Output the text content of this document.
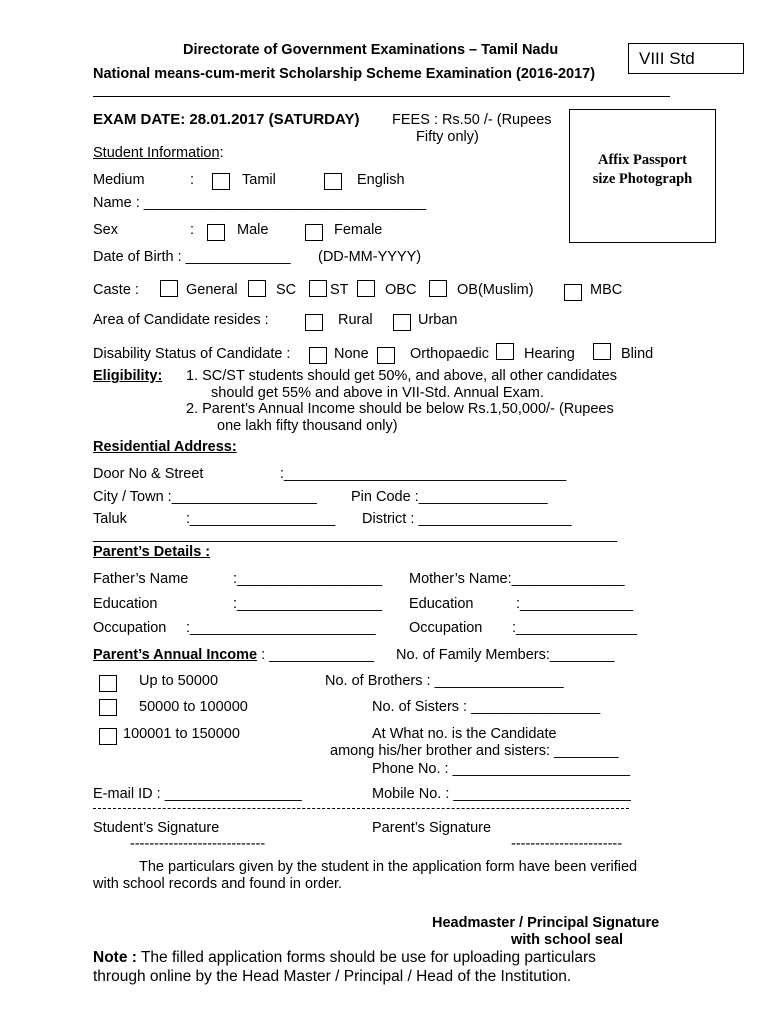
Directorate of Government Examinations – Tamil Nadu
National means-cum-merit Scholarship Scheme Examination (2016-2017)
VIII Std
EXAM DATE: 28.01.2017 (SATURDAY) FEES : Rs.50 /- (Rupees
Fifty only)
Affix Passport
size Photograph
Student Information:
Medium	:	Tamil	English
Name : ___________________________________
Sex	:	Male	Female
Date of Birth : _____________ (DD-MM-YYYY)
Caste :	General	SC ST	OBC	OB(Muslim)	MBC
Area of Candidate resides :	Rural	Urban
Disability Status of Candidate :	None	Orthopaedic Hearing	Blind
Eligibility: 1. SC/ST students should get 50%, and above, all other candidates
should get 55% and above in VII-Std. Annual Exam.
2. Parent’s Annual Income should be below Rs.1,50,000/- (Rupees
one lakh fifty thousand only)
Residential Address:
Door No & Street	:___________________________________
City / Town :__________________ Pin Code :________________
Taluk	:__________________ District : ___________________
_________________________________________________________________
Parent’s Details :
Father’s Name	:__________________ Mother’s Name:______________
Education	:__________________ Education	:______________
Occupation :_______________________ Occupation :_______________
Parent’s Annual Income : _____________ No. of Family Members:________
Up to 50000	No. of Brothers : ________________
50000 to 100000	No. of Sisters : ________________
100001 to 150000	At What no. is the Candidate
among his/her brother and sisters: ________
Phone No. : ______________________
E-mail ID : _________________	Mobile No. : ______________________
Student’s Signature	Parent’s Signature
----------------------------	-----------------------
The particulars given by the student in the application form have been verified
with school records and found in order.
Headmaster / Principal Signature
with school seal
Note : The filled application forms should be use for uploading particulars
through online by the Head Master / Principal / Head of the Institution.
